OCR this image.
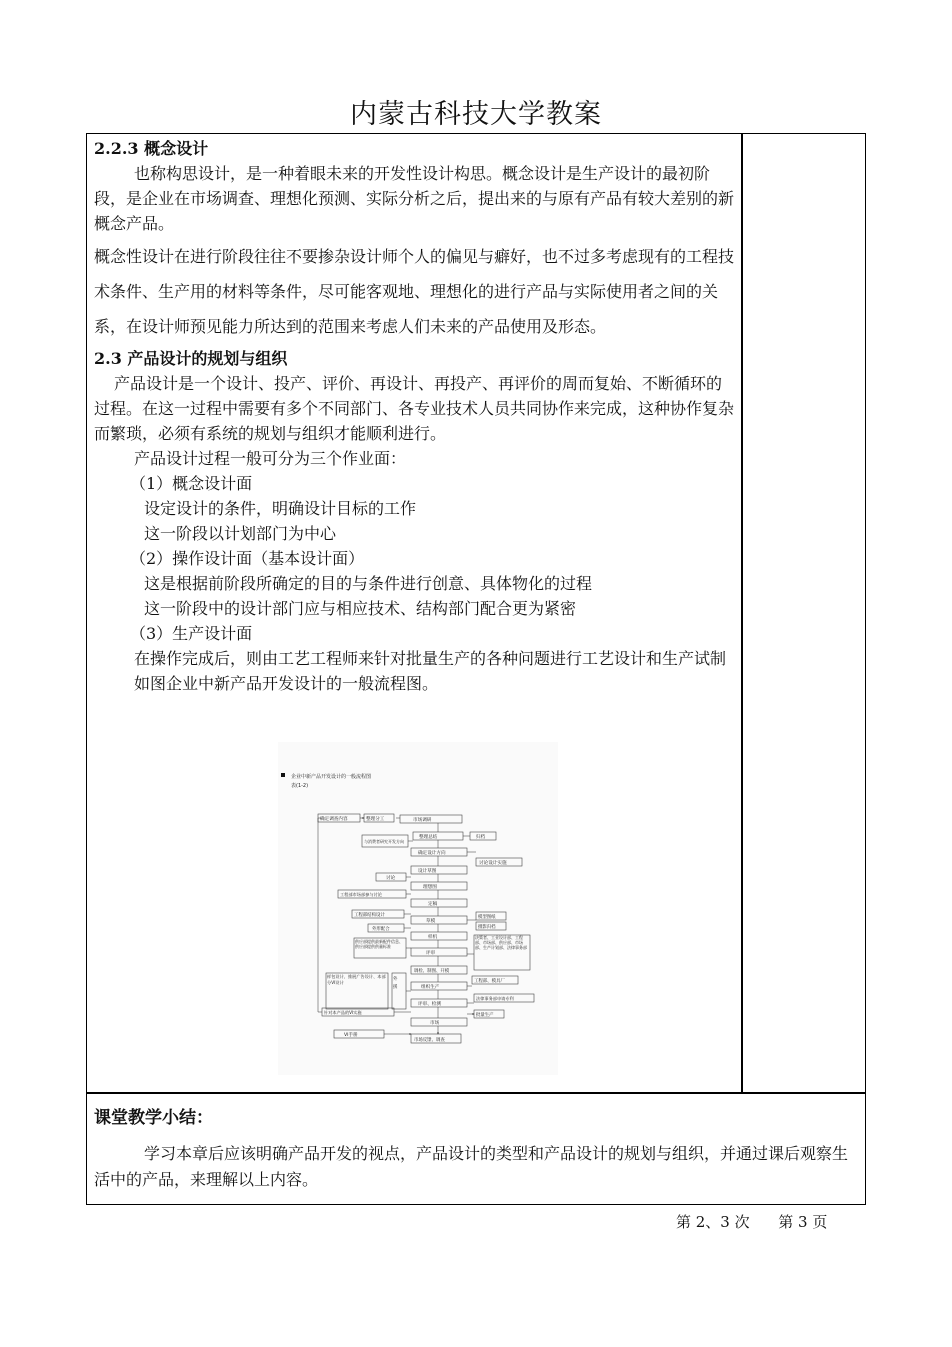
内蒙古科技大学教案

2.2.3 概念设计

也称构思设计，是一种着眼未来的开发性设计构思。概念设计是生产设计的最初阶段，是企业在市场调查、理想化预测、实际分析之后，提出来的与原有产品有较大差别的新概念产品。

概念性设计在进行阶段往往不要掺杂设计师个人的偏见与癖好，也不过多考虑现有的工程技术条件、生产用的材料等条件，尽可能客观地、理想化的进行产品与实际使用者之间的关系，在设计师预见能力所达到的范围来考虑人们未来的产品使用及形态。

2.3 产品设计的规划与组织

产品设计是一个设计、投产、评价、再设计、再投产、再评价的周而复始、不断循环的过程。在这一过程中需要有多个不同部门、各专业技术人员共同协作来完成，这种协作复杂而繁琐，必须有系统的规划与组织才能顺利进行。

产品设计过程一般可分为三个作业面：

（1）概念设计面

设定设计的条件，明确设计目标的工作

这一阶段以计划部门为中心

（2）操作设计面（基本设计面）

这是根据前阶段所确定的目的与条件进行创意、具体物化的过程

这一阶段中的设计部门应与相应技术、结构部门配合更为紧密

（3）生产设计面

在操作完成后，则由工艺工程师来针对批量生产的各种问题进行工艺设计和生产试制

如图企业中新产品开发设计的一般流程图。

企业中新产品开发设计的一般流程图
表(1-2)
确定调查内容	整理分工	市场调研
整理总结	归档
与消费者研究开发方向
确定设计方向
讨论设计实施
设计草图
讨论
理想图
工程部市场部参与讨论
定稿
工程部结构设计
草模
模型图纸
摄影归档
外形配合
样机	决策者、工业设计部、工程部、市场部、供应部、市场部、生产计划部、法律事务部
供应部提供最新配件信息、供应部提供供量标准
评审
调检、制图、开模
样包设计、推展广告设计、本部分VI设计
外援
工程部、模具厂
组织生产
法律事务部申请专利
评审、检测
批量生产
针对本产品的VI实施
市场
VI手册
市场反馈、调查
课堂教学小结：
学习本章后应该明确产品开发的视点，产品设计的类型和产品设计的规划与组织，并通过课后观察生活中的产品，来理解以上内容。
第 2、3 次 第 3 页
